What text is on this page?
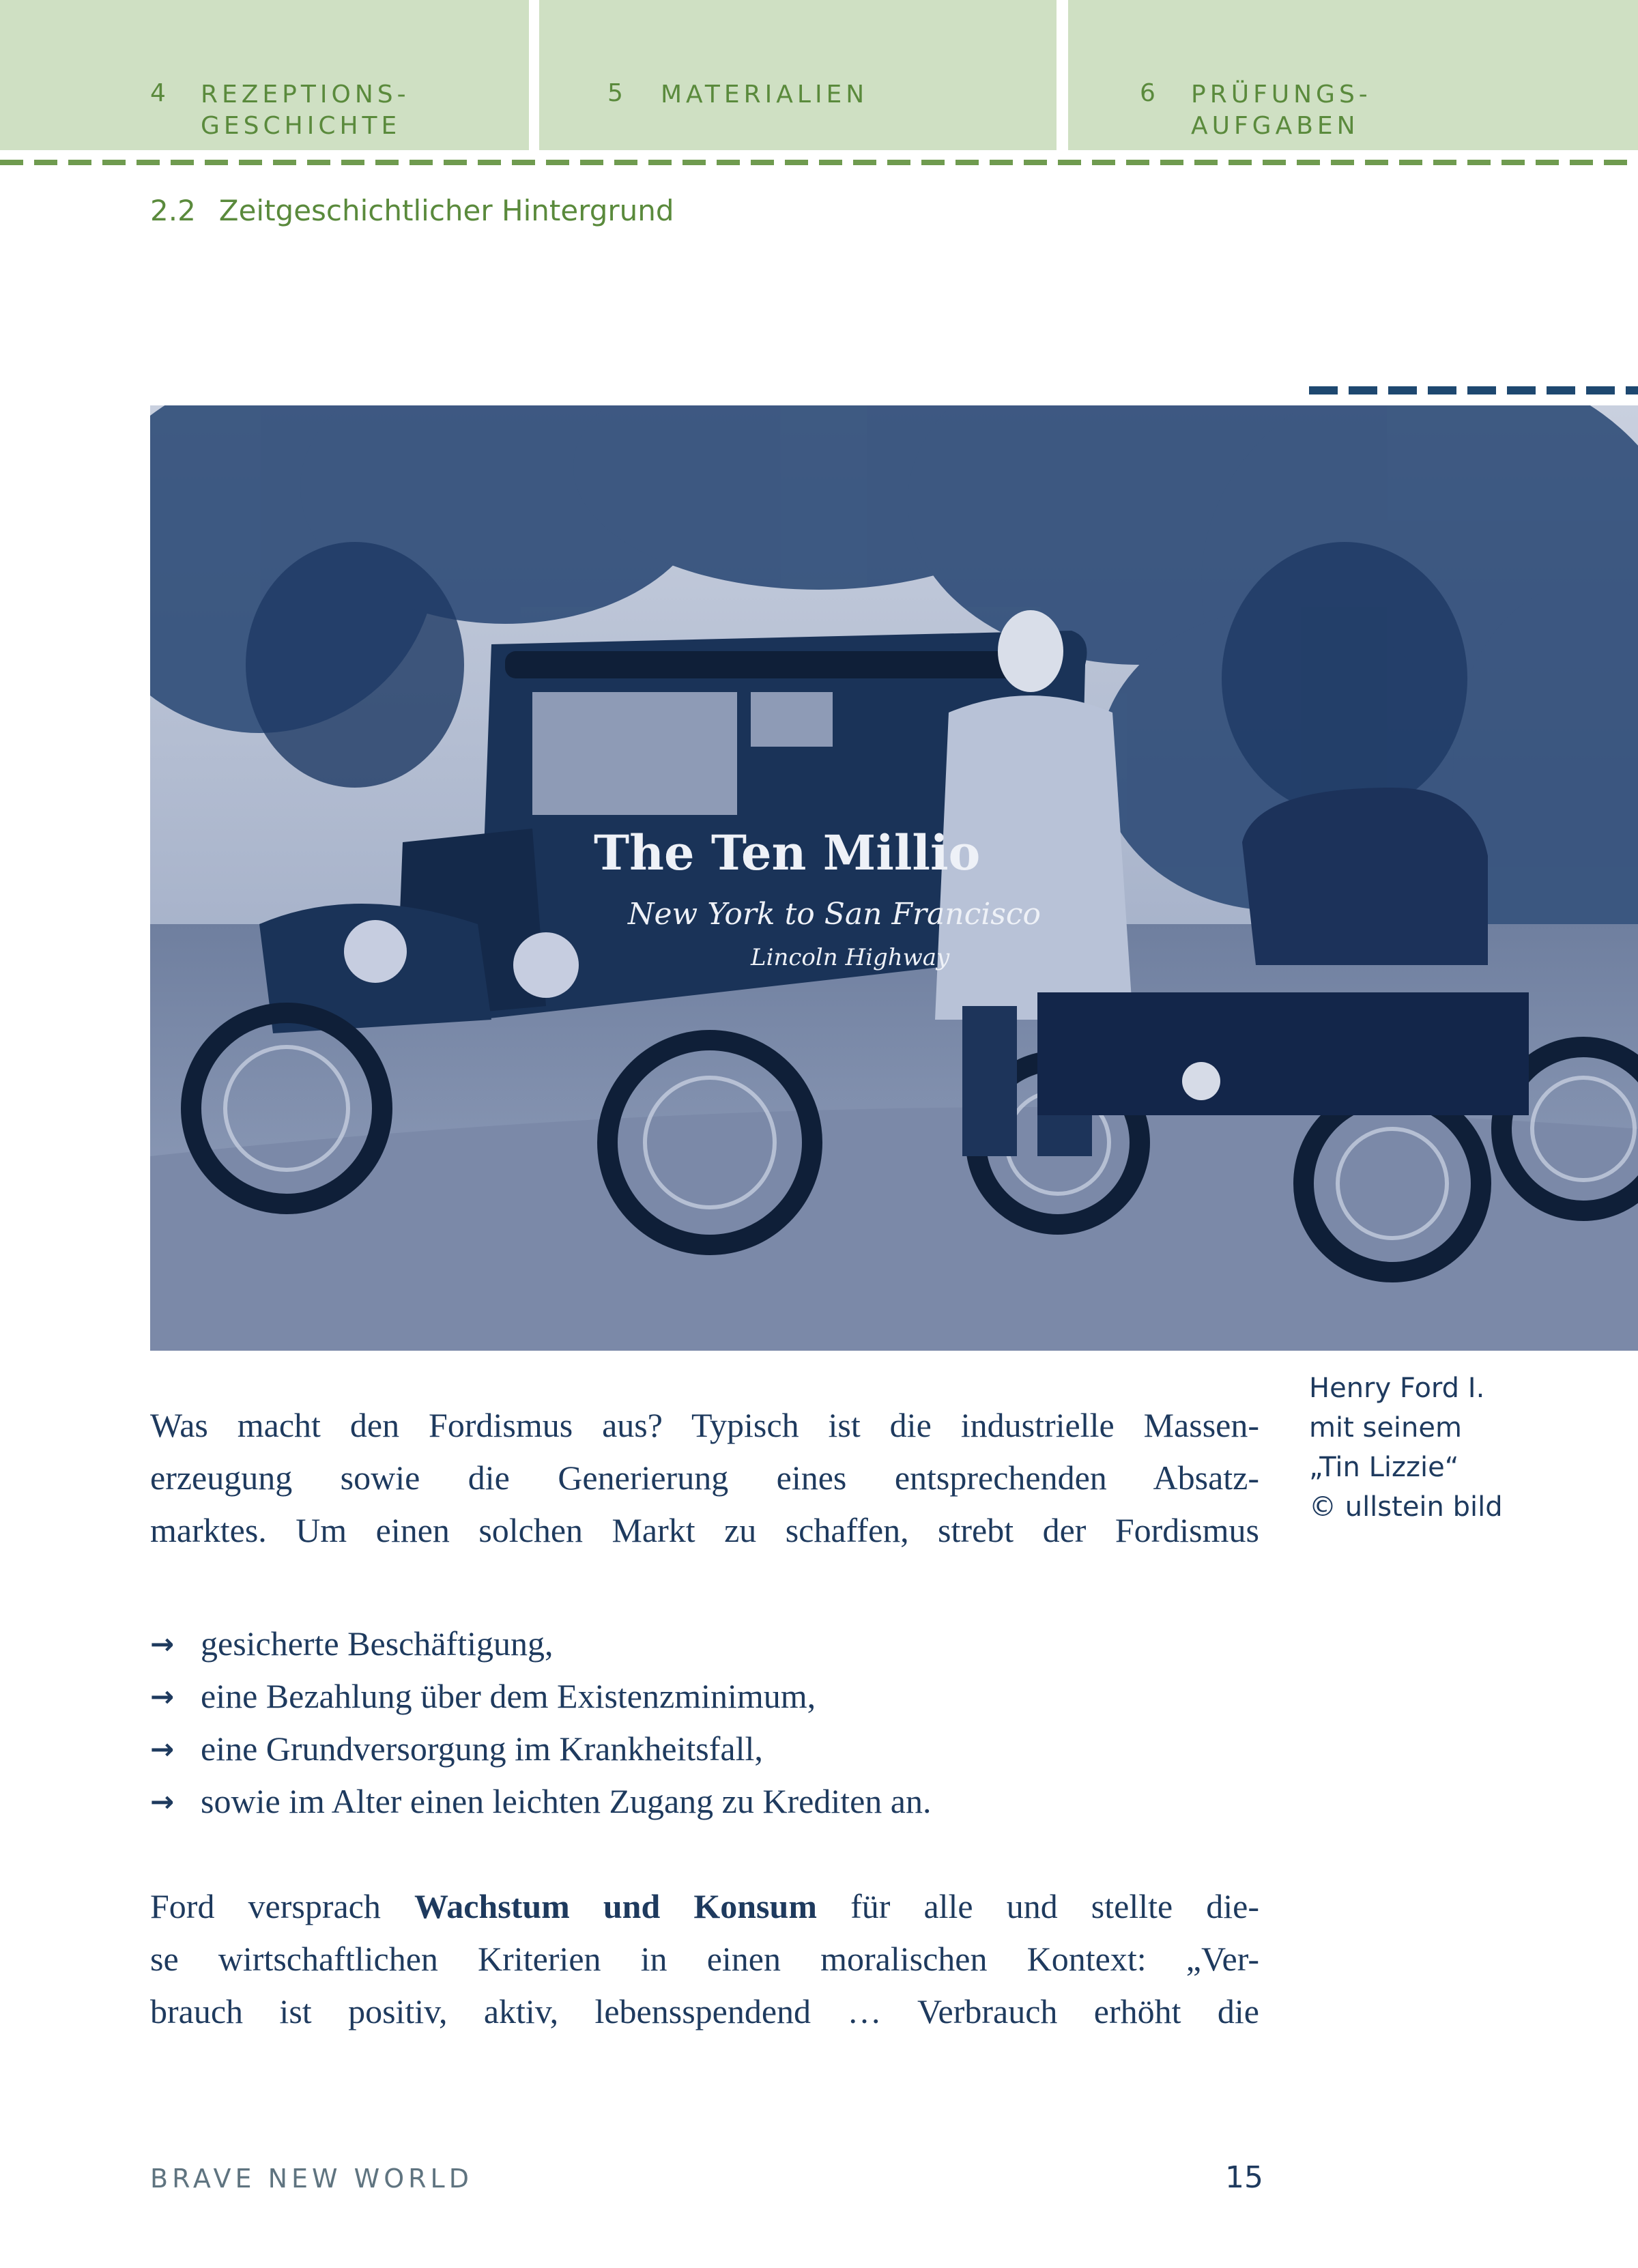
4 REZEPTIONS-
GESCHICHTE
5 MATERIALIEN	6 PRÜFUNGS-
AUFGABEN
2.2 Zeitgeschichtlicher Hintergrund
The Ten Millio
New York to San Francisco
Lincoln Highway
Henry Ford I.
mit seinem
„Tin Lizzie“
© ullstein bild
Was macht den Fordismus aus? Typisch ist die industrielle Massen-
erzeugung sowie die Generierung eines entsprechenden Absatz-
marktes. Um einen solchen Markt zu schaffen, strebt der Fordismus
→ gesicherte Beschäftigung,
→ eine Bezahlung über dem Existenzminimum,
→ eine Grundversorgung im Krankheitsfall,
→ sowie im Alter einen leichten Zugang zu Krediten an.
Ford versprach Wachstum und Konsum für alle und stellte die-
se wirtschaftlichen Kriterien in einen moralischen Kontext: „Ver-
brauch ist positiv, aktiv, lebensspendend … Verbrauch erhöht die
BRAVE NEW WORLD	15
